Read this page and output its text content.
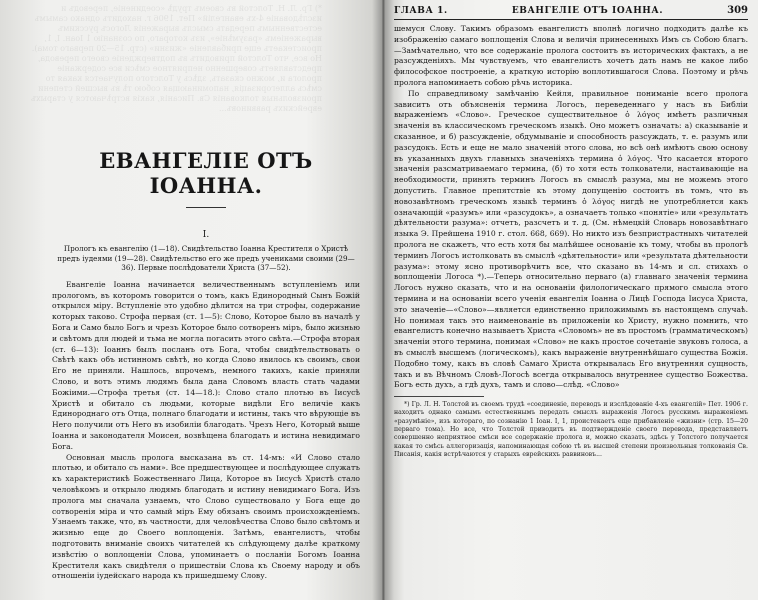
*) Гр. Л. Н. Толстой въ своемъ трудѣ «соединеніе, переводъ и изслѣдованіе 4-хъ евангелій» Пет. 1906 г. находитъ однако самымъ естественнымъ передать смыслъ выраженія Логосъ русскимъ выраженіемъ «разумѣніе», изъ котораго, по сознанію 1 Іоан. I, 1, проистекаетъ еще прибавленіе «жизни» (стр. 15—20 перваго тома). Но все, что Толстой приводитъ въ подтвержденіе своего перевода, представляетъ совершенно неприятное смѣси все содержаніе пролога и, можно сказать, здѣсь у Толстого получается какая то смѣсь аллегоризація, напоминающая собою тѣ въ высшей степени произвольныя толкованія Св. Писанія, какія встрѣчаются у старыхъ еврейскихъ раввиновъ...
ЕВАНГЕЛІЕ ОТЪ ІОАННА.
I.

Прологъ къ евангелію (1—18). Свидѣтельство Іоанна Крестителя о Христѣ предъ іудеями (19—28). Свидѣтельство его же предъ учениками своими (29—36). Первые послѣдователи Христа (37—52).

Евангеліе Іоанна начинается величественнымъ вступленіемъ или прологомъ, въ которомъ говорится о томъ, какъ Единородный Сынъ Божій открылся міру. Вступленіе это удобно дѣлится на три строфы, содержание которых таково. Строфа первая (ст. 1—5): Слово, Которое было въ началѣ у Бога и Само было Богъ и чрезъ Которое было сотворенъ міръ, было жизнью и свѣтомъ для людей и тьма не могла погасить этого свѣта.—Строфа вторая (ст. 6—13): Іоаннъ былъ посланъ отъ Бога, чтобы свидѣтельствовать о Свѣтѣ какъ объ истинномъ свѣтѣ, но когда Слово явилось къ своимъ, свои Его не приняли. Нашлось, впрочемъ, немного такихъ, какіе приняли Слово, и вотъ этимъ людямъ была дана Словомъ власть стать чадами Божіими.—Строфа третья (ст. 14—18.): Слово стало плотью въ Іисусѣ Христѣ и обитало съ людьми, которые видѣли Его величіе какъ Единороднаго отъ Отца, полнаго благодати и истины, такъ что вѣрующіе въ Него получили отъ Него въ изобиліи благодать. Чрезъ Него, Который выше Іоанна и законодателя Моисея, возвѣщена благодать и истина невидимаго Бога.

Основная мысль пролога высказана въ ст. 14-мъ: «И Слово стало плотью, и обитало съ нами». Все предшествующее и послѣдующее служатъ къ характеристикѣ Божественнаго Лица, Которое въ Іисусѣ Христѣ стало человѣкомъ и открыло людямъ благодать и истину невидимаго Бога. Изъ пролога мы сначала узнаемъ, что Слово существовало у Бога еще до сотворенія міра и что самый міръ Ему обязанъ своимъ происхожденіемъ. Узнаемъ также, что, въ частности, для человѣчества Слово было свѣтомъ и жизнью еще до Своего воплощенія. Затѣмъ, евангелистъ, чтобы подготовить вниманіе своихъ читателей къ слѣдующему далѣе краткому извѣстію о воплощеніи Слова, упоминаетъ о посланіи Богомъ Іоанна Крестителя какъ свидѣтеля о пришествіи Слова къ Своему народу и объ отношеніи іудейскаго народа къ пришедшему Слову.

ГЛАВА 1.	ЕВАНГЕЛІЕ ОТЪ ІОАННА.	309

шемуся Слову. Такимъ образомъ евангелистъ вполнѣ логично подходитъ далѣе къ изображенію самаго воплощенія Слова и величія принесенныхъ Имъ съ Собою благъ.—Замѣчательно, что все содержаніе пролога состоитъ въ исторических фактахъ, а не разсужденіяхъ. Мы чувствуемъ, что евангелистъ хочетъ дать намъ не какое либо философское построеніе, а краткую исторію воплотившагося Слова. Поэтому и рѣчь пролога напоминаетъ собою рѣчь историка.

По справедливому замѣчанію Кейля, правильное пониманіе всего пролога зависитъ отъ объясненія термина Логосъ, переведеннаго у насъ въ Библіи выраженіемъ «Слово». Греческое существительное ὁ λόγος имѣетъ различныя значенія въ классическомъ греческомъ языкѣ. Оно можетъ означать: a) сказываніе и сказанное, и б) разсужденіе, обдумываніе и способность разсуждать, т. е. разумъ или разсудокъ. Есть и еще не мало значеній этого слова, но всѣ онѣ имѣютъ свою основу въ указанныхъ двухъ главныхъ значеніяхъ термина ὁ λόγος. Что касается второго значенія разсматриваемаго термина, (б) то хотя есть толкователи, настаивающіе на необходимости, принять терминъ Логосъ въ смыслѣ разума, мы не можемъ этого допустить. Главное препятствіе къ этому допущенію состоитъ въ томъ, что въ новозавѣтномъ греческомъ языкѣ терминъ ὁ λόγος нигдѣ не употребляется какъ означающій «разумъ» или «разсудокъ», а означаетъ только «понятіе» или «результатъ дѣятельности разума»: отчетъ, разсчетъ и т. д. (См. нѣмецкій Словарь новозавѣтнаго языка Э. Прейшена 1910 г. стол. 668, 669). Но никто изъ безпристрастныхъ читателей пролога не скажетъ, что есть хотя бы малѣйшее основаніе къ тому, чтобы въ прологѣ терминъ Логосъ истолковать въ смыслѣ «дѣятельности» или «результата дѣятельности разума»: этому ясно противорѣчитъ все, что сказано въ 14-мъ и сл. стихахъ о воплощеніи Логоса *).—Теперь относительно перваго (а) главнаго значенія термина Логосъ нужно сказать, что и на основаніи филологическаго прямого смысла этого термина и на основаніи всего ученія евангелія Іоанна о Лицѣ Господа Іисуса Христа, это значеніе—«Слово»—является единственно приложимымъ въ настоящемъ случаѣ. Но понимая такъ это наименованіе въ приложеніи ко Христу, нужно помнить, что евангелистъ конечно называетъ Христа «Словомъ» не въ простомъ (грамматическомъ) значеніи этого термина, понимая «Слово» не какъ простое сочетаніе звуковъ голоса, а въ смыслѣ высшемъ (логическомъ), какъ выраженіе внутреннѣйшаго существа Божія. Подобно тому, какъ въ словѣ Самаго Христа открывалась Его внутренняя сущность, такъ и въ Вѣчномъ Словѣ-Логосѣ всегда открывалось внутреннее существо Божества. Богъ есть духъ, а гдѣ духъ, тамъ и слово—слѣд. «Слово»

*) Гр. Л. Н. Толстой въ своемъ трудѣ «соединеніе, переводъ и изслѣдованіе 4-хъ евангелій» Пет. 1906 г. находитъ однако самымъ естественнымъ передать смыслъ выраженія Логосъ русскимъ выраженіемъ «разумѣніе», изъ котораго, по сознанію 1 Іоан. I, 1, проистекаетъ еще прибавленіе «жизни» (стр. 15—20 перваго тома). Но все, что Толстой приводитъ въ подтвержденіе своего перевода, представляетъ совершенно неприятное смѣси все содержаніе пролога и, можно сказать, здѣсь у Толстого получается какая то смѣсь аллегоризація, напоминающая собою тѣ въ высшей степени произвольныя толкованія Св. Писанія, какія встрѣчаются у старыхъ еврейскихъ раввиновъ...
